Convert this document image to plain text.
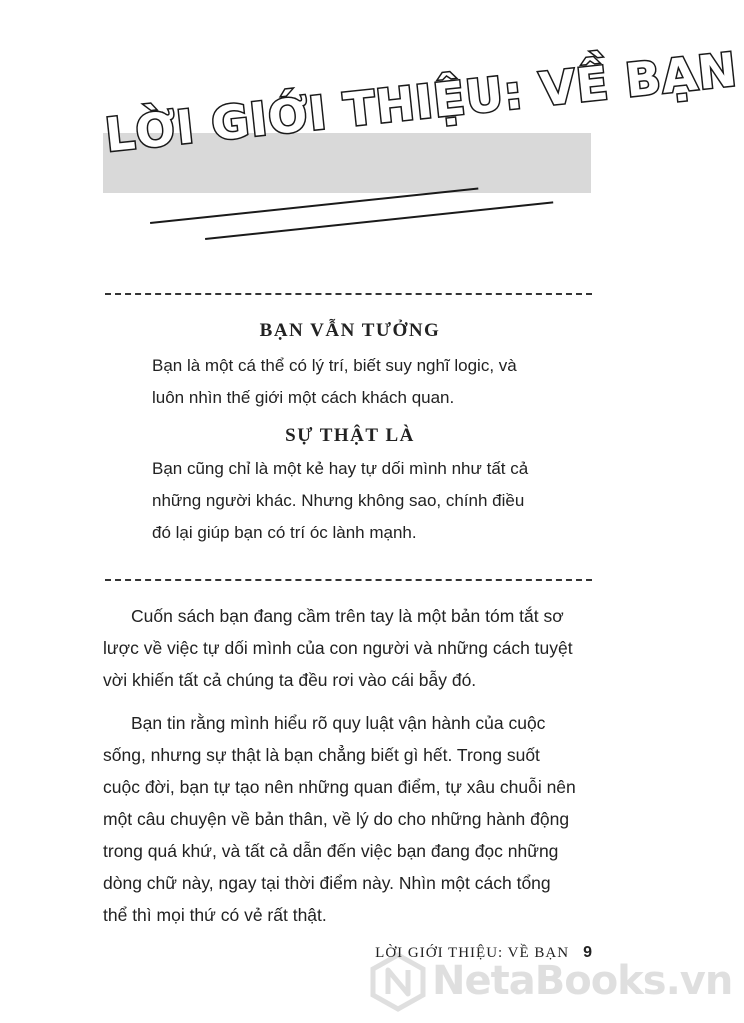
LỜI GIỚI THIỆU: VỀ BẠN
BẠN VẪN TƯỞNG
Bạn là một cá thể có lý trí, biết suy nghĩ logic, và
luôn nhìn thế giới một cách khách quan.
SỰ THẬT LÀ
Bạn cũng chỉ là một kẻ hay tự dối mình như tất cả
những người khác. Nhưng không sao, chính điều
đó lại giúp bạn có trí óc lành mạnh.
Cuốn sách bạn đang cầm trên tay là một bản tóm tắt sơ
lược về việc tự dối mình của con người và những cách tuyệt
vời khiến tất cả chúng ta đều rơi vào cái bẫy đó.
Bạn tin rằng mình hiểu rõ quy luật vận hành của cuộc
sống, nhưng sự thật là bạn chẳng biết gì hết. Trong suốt
cuộc đời, bạn tự tạo nên những quan điểm, tự xâu chuỗi nên
một câu chuyện về bản thân, về lý do cho những hành động
trong quá khứ, và tất cả dẫn đến việc bạn đang đọc những
dòng chữ này, ngay tại thời điểm này. Nhìn một cách tổng
thể thì mọi thứ có vẻ rất thật.
LỜI GIỚI THIỆU: VỀ BẠN 9
NetaBooks.vn
